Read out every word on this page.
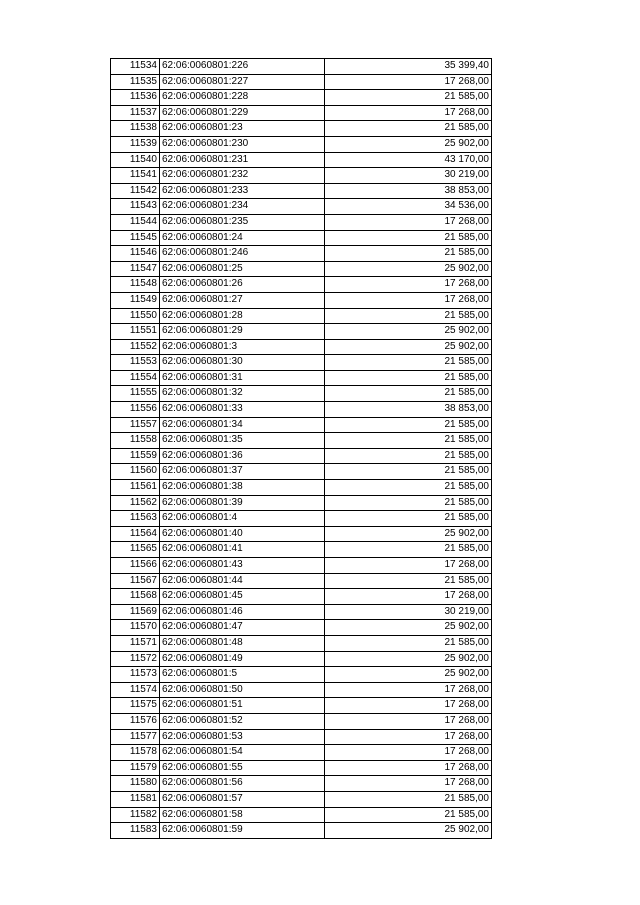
11534	62:06:0060801:226	35 399,40
11535	62:06:0060801:227	17 268,00
11536	62:06:0060801:228	21 585,00
11537	62:06:0060801:229	17 268,00
11538	62:06:0060801:23	21 585,00
11539	62:06:0060801:230	25 902,00
11540	62:06:0060801:231	43 170,00
11541	62:06:0060801:232	30 219,00
11542	62:06:0060801:233	38 853,00
11543	62:06:0060801:234	34 536,00
11544	62:06:0060801:235	17 268,00
11545	62:06:0060801:24	21 585,00
11546	62:06:0060801:246	21 585,00
11547	62:06:0060801:25	25 902,00
11548	62:06:0060801:26	17 268,00
11549	62:06:0060801:27	17 268,00
11550	62:06:0060801:28	21 585,00
11551	62:06:0060801:29	25 902,00
11552	62:06:0060801:3	25 902,00
11553	62:06:0060801:30	21 585,00
11554	62:06:0060801:31	21 585,00
11555	62:06:0060801:32	21 585,00
11556	62:06:0060801:33	38 853,00
11557	62:06:0060801:34	21 585,00
11558	62:06:0060801:35	21 585,00
11559	62:06:0060801:36	21 585,00
11560	62:06:0060801:37	21 585,00
11561	62:06:0060801:38	21 585,00
11562	62:06:0060801:39	21 585,00
11563	62:06:0060801:4	21 585,00
11564	62:06:0060801:40	25 902,00
11565	62:06:0060801:41	21 585,00
11566	62:06:0060801:43	17 268,00
11567	62:06:0060801:44	21 585,00
11568	62:06:0060801:45	17 268,00
11569	62:06:0060801:46	30 219,00
11570	62:06:0060801:47	25 902,00
11571	62:06:0060801:48	21 585,00
11572	62:06:0060801:49	25 902,00
11573	62:06:0060801:5	25 902,00
11574	62:06:0060801:50	17 268,00
11575	62:06:0060801:51	17 268,00
11576	62:06:0060801:52	17 268,00
11577	62:06:0060801:53	17 268,00
11578	62:06:0060801:54	17 268,00
11579	62:06:0060801:55	17 268,00
11580	62:06:0060801:56	17 268,00
11581	62:06:0060801:57	21 585,00
11582	62:06:0060801:58	21 585,00
11583	62:06:0060801:59	25 902,00
